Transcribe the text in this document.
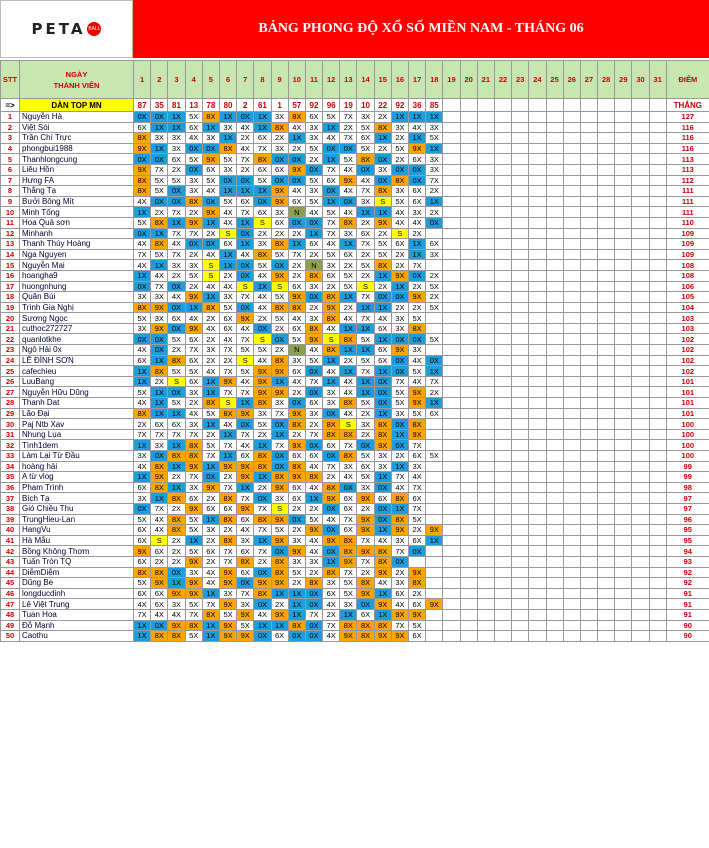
PETA BALL	BẢNG PHONG ĐỘ XỔ SỐ MIỀN NAM - THÁNG 06
STT	NGÀY
THÀNH VIÊN	1	2	3	4	5	6	7	8	9	10	11	12	13	14	15	16	17	18	19	20	21	22	23	24	25	26	27	28	29	30	31	ĐIỂM
=>	DÀN TOP MN	87	35	81	13	78	80	2	61	1	57	92	96	19	10	22	92	36	85														THẮNG
1	Nguyễn Hà	0X	0X	1X	5X	8X	1X	0X	1X	3X	8X	6X	5X	7X	3X	2X	1X	1X	1X														127
2	Việt Sói	6X	1X	1X	6X	1X	3X	4X	1X	8X	4X	3X	1X	2X	5X	8X	3X	4X	3X														116
3	Trần Chí Trực	8X	3X	3X	4X	3X	1X	2X	6X	2X	1X	3X	4X	7X	6X	1X	2X	1X	5X														116
4	phongbui1988	9X	1X	3X	0X	0X	8X	4X	7X	3X	2X	5X	0X	0X	5X	2X	5X	9X	1X														116
5	Thanhlongcung	0X	0X	6X	5X	9X	5X	7X	8X	0X	0X	2X	1X	5X	8X	0X	2X	6X	3X														113
6	Liêu Hồn	9X	7X	2X	0X	6X	3X	2X	6X	6X	9X	0X	7X	4X	0X	3X	0X	0X	3X														113
7	Hưng FA	8X	5X	5X	3X	5X	0X	0X	5X	0X	0X	5X	6X	9X	4X	0X	8X	0X	7X														112
8	Thắng Tạ	8X	5X	0X	3X	4X	1X	1X	1X	9X	4X	3X	0X	4X	7X	8X	3X	6X	2X														111
9	Bưởi Bông Mít	4X	0X	0X	8X	0X	5X	6X	0X	9X	6X	5X	1X	0X	3X	S	5X	6X	1X														111
10	Minh Tống	1X	2X	7X	2X	9X	4X	7X	6X	3X	N	4X	5X	4X	1X	1X	4X	3X	2X														111
11	Hoa Quả sơn	5X	8X	1X	9X	1X	4X	1X	S	6X	0X	0X	7X	8X	2X	9X	4X	4X	0X														110
12	Minhanh	0X	1X	7X	7X	2X	S	0X	2X	2X	2X	1X	7X	3X	6X	2X	S	2X															109
13	Thanh Thùy Hoàng	4X	8X	4X	0X	0X	6X	1X	3X	8X	1X	6X	4X	1X	7X	5X	6X	1X	6X														109
14	Nga Nguyen	7X	5X	7X	2X	4X	1X	4X	8X	5X	7X	2X	5X	6X	2X	5X	2X	1X	3X														109
15	Nguyễn Mai	4X	1X	3X	3X	S	1X	0X	5X	0X	2X	N	3X	2X	5X	8X	2X	7X															108
16	hoangha9	1X	4X	2X	5X	S	2X	0X	4X	9X	2X	8X	6X	5X	2X	1X	9X	0X	2X														108
17	huongnhung	0X	7X	0X	2X	4X	4X	S	1X	S	6X	3X	2X	5X	S	2X	1X	2X	5X														106
18	Quân Bùi	3X	3X	4X	9X	1X	3X	7X	4X	5X	9X	0X	8X	1X	7X	0X	0X	9X	2X														105
19	Trình Gia Nghị	8X	9X	0X	1X	8X	5X	0X	4X	8X	8X	2X	9X	2X	1X	1X	2X	2X	5X														104
20	Sương Ngọc	5X	3X	6X	4X	2X	6X	9X	2X	5X	4X	3X	8X	4X	7X	4X	3X	5X															103
21	cuthoc272727	3X	9X	0X	9X	4X	6X	4X	0X	2X	6X	8X	4X	1X	1X	6X	3X	8X															103
22	quanlotkhe	0X	0X	5X	6X	2X	4X	7X	S	0X	5X	9X	S	8X	5X	1X	0X	0X	5X														102
23	Ngô Hải 0x	4X	0X	2X	7X	3X	7X	5X	5X	2X	N	4X	8X	1X	1X	6X	9X	3X															102
24	LÊ ĐÌNH SƠN	6X	1X	8X	6X	2X	2X	S	4X	8X	3X	5X	1X	2X	5X	6X	0X	4X	0X														102
25	cafechieu	1X	8X	5X	5X	4X	7X	5X	9X	9X	6X	0X	4X	1X	7X	1X	0X	5X	1X														102
26	LuuBang	1X	2X	S	6X	1X	9X	4X	9X	1X	4X	7X	1X	4X	1X	0X	7X	4X	7X														101
27	Nguyễn Hữu Dũng	5X	1X	0X	3X	1X	7X	7X	9X	9X	2X	0X	3X	4X	1X	0X	5X	9X	2X														101
28	Thanh Dat	4X	1X	5X	2X	8X	S	1X	8X	3X	0X	6X	3X	8X	5X	0X	5X	9X	1X														101
29	Lão Đại	8X	1X	1X	4X	5X	8X	9X	3X	7X	9X	3X	0X	4X	2X	1X	3X	5X	6X														101
30	Paj Ntb Xav	2X	6X	6X	3X	1X	4X	0X	5X	0X	8X	2X	8X	S	3X	8X	0X	8X															100
31	Nhung Lụa	7X	7X	7X	7X	2X	1X	7X	2X	1X	2X	7X	8X	8X	2X	8X	1X	9X															100
32	Tình1dem	1X	3X	1X	8X	5X	7X	4X	1X	7X	9X	0X	6X	7X	0X	9X	0X	7X															100
33	Làm Lại Từ Đầu	3X	0X	8X	8X	7X	1X	6X	8X	0X	6X	6X	0X	8X	5X	3X	2X	6X	5X														100
34	hoàng hải	4X	8X	1X	9X	1X	9X	9X	8X	0X	8X	4X	7X	3X	6X	3X	1X	3X															99
35	A từ vlog	1X	9X	2X	7X	0X	2X	9X	1X	8X	9X	8X	2X	4X	5X	1X	7X	4X															99
36	Phạm Trình	6X	8X	1X	3X	9X	7X	1X	2X	9X	6X	4X	8X	0X	3X	0X	4X	7X															98
37	Bích Tạ	3X	1X	8X	6X	2X	8X	7X	0X	3X	6X	1X	9X	6X	9X	6X	8X	6X															97
38	Gió Chiều Thu	0X	7X	2X	9X	6X	6X	9X	7X	S	2X	2X	0X	6X	2X	0X	1X	7X															97
39	TrungHieu-Lan	5X	4X	8X	5X	1X	8X	6X	8X	9X	0X	5X	4X	7X	9X	0X	8X	5X															96
40	HangVu	6X	4X	8X	5X	3X	2X	4X	7X	5X	2X	9X	0X	6X	9X	1X	9X	2X	9X														95
41	Hà Mẫu	6X	S	2X	1X	2X	8X	3X	1X	9X	3X	4X	9X	8X	7X	4X	3X	6X	1X														95
42	Bồng Không Thơm	9X	6X	2X	5X	6X	7X	6X	7X	0X	9X	4X	0X	8X	9X	8X	7X	0X															94
43	Tuấn Tròn TQ	6X	2X	2X	9X	2X	7X	8X	2X	8X	3X	3X	1X	9X	7X	8X	0X																93
44	DiễmDiễm	8X	8X	0X	3X	4X	9X	6X	0X	8X	5X	2X	8X	7X	2X	9X	2X	9X															92
45	Dũng Be	5X	9X	1X	9X	4X	9X	0X	9X	9X	2X	8X	3X	5X	8X	4X	3X	8X															92
46	longducdinh	6X	6X	9X	9X	1X	3X	7X	8X	1X	1X	0X	6X	5X	9X	1X	6X	2X															91
47	Lê Việt Trung	4X	6X	3X	5X	7X	9X	3X	0X	2X	1X	0X	4X	3X	0X	9X	4X	6X	9X														91
48	Tuan Hoa	7X	4X	4X	7X	8X	5X	9X	4X	9X	1X	7X	2X	1X	6X	1X	9X	9X															91
49	Đỗ Mạnh	1X	0X	9X	8X	1X	9X	5X	1X	1X	8X	0X	7X	8X	8X	8X	7X	5X															90
50	Caothu	1X	8X	8X	5X	1X	9X	9X	0X	6X	0X	0X	4X	9X	8X	9X	9X	6X															90
